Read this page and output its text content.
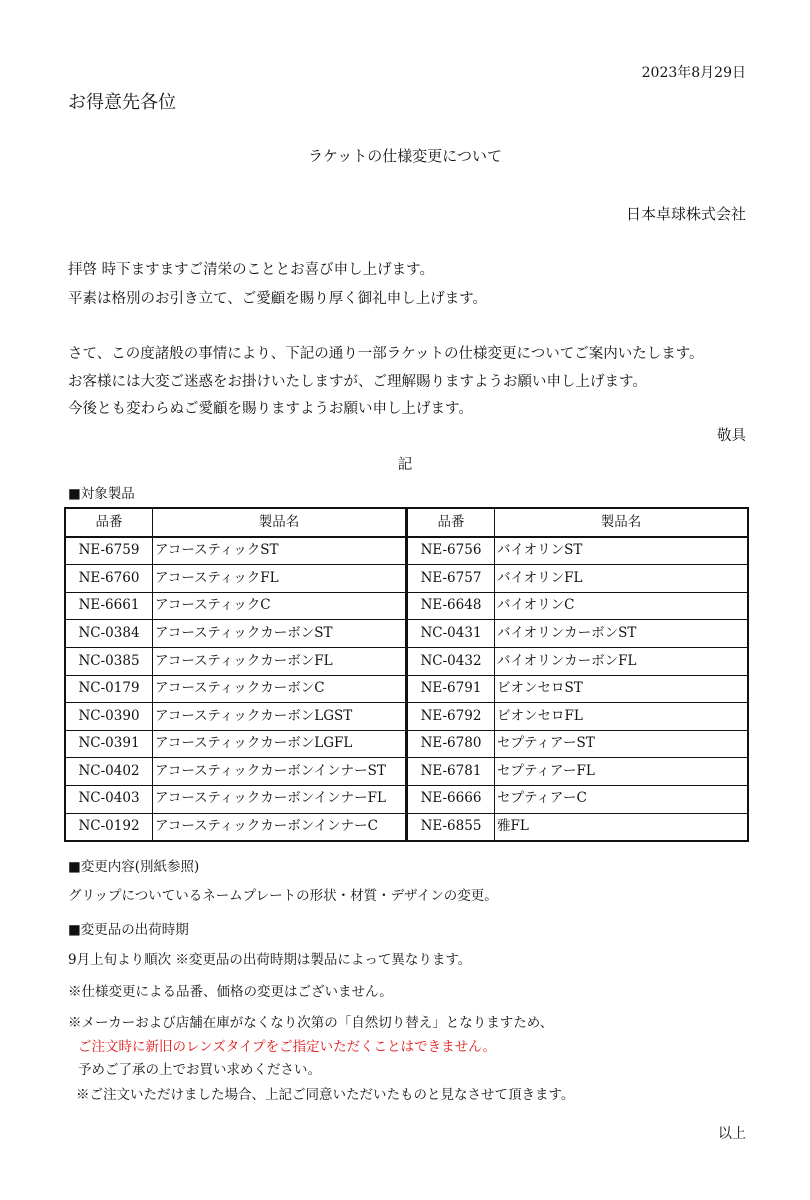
2023年8月29日
お得意先各位
ラケットの仕様変更について
日本卓球株式会社
拝啓 時下ますますご清栄のこととお喜び申し上げます。
平素は格別のお引き立て、ご愛顧を賜り厚く御礼申し上げます。
さて、この度諸般の事情により、下記の通り一部ラケットの仕様変更についてご案内いたします。
お客様には大変ご迷惑をお掛けいたしますが、ご理解賜りますようお願い申し上げます。
今後とも変わらぬご愛顧を賜りますようお願い申し上げます。
敬具
記
■対象製品
品番	製品名
NE-6759	アコースティックST
NE-6760	アコースティックFL
NE-6661	アコースティックC
NC-0384	アコースティックカーボンST
NC-0385	アコースティックカーボンFL
NC-0179	アコースティックカーボンC
NC-0390	アコースティックカーボンLGST
NC-0391	アコースティックカーボンLGFL
NC-0402	アコースティックカーボンインナーST
NC-0403	アコースティックカーボンインナーFL
NC-0192	アコースティックカーボンインナーC
品番	製品名
NE-6756	バイオリンST
NE-6757	バイオリンFL
NE-6648	バイオリンC
NC-0431	バイオリンカーボンST
NC-0432	バイオリンカーボンFL
NE-6791	ビオンセロST
NE-6792	ビオンセロFL
NE-6780	セプティアーST
NE-6781	セプティアーFL
NE-6666	セプティアーC
NE-6855	雅FL
■変更内容(別紙参照)
グリップについているネームプレートの形状・材質・デザインの変更。
■変更品の出荷時期
9月上旬より順次 ※変更品の出荷時期は製品によって異なります。
※仕様変更による品番、価格の変更はございません。
※メーカーおよび店舗在庫がなくなり次第の「自然切り替え」となりますため、
ご注文時に新旧のレンズタイプをご指定いただくことはできません。
予めご了承の上でお買い求めください。
※ご注文いただけました場合、上記ご同意いただいたものと見なさせて頂きます。
以上
